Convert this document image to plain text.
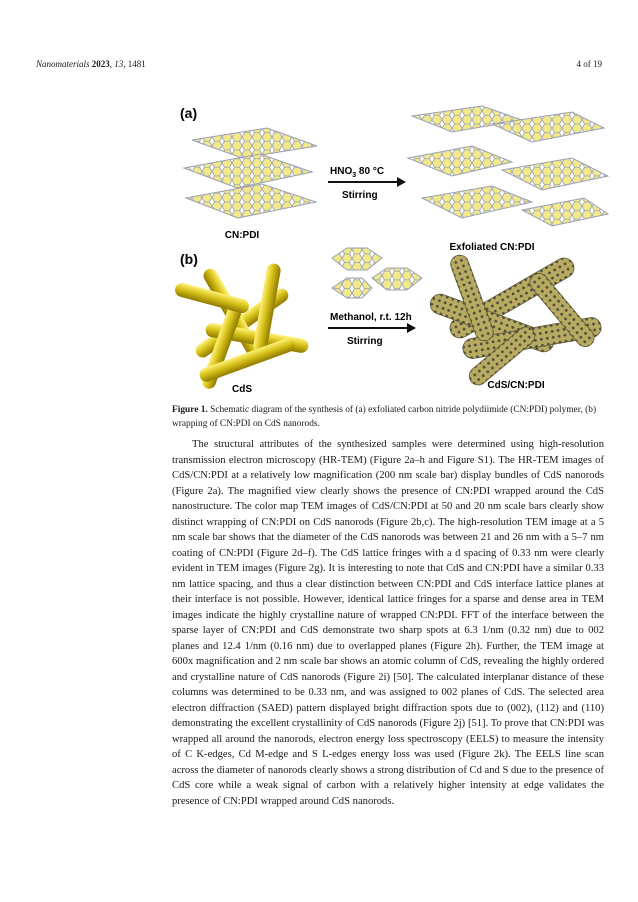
Nanomaterials 2023, 13, 1481	4 of 19
(a)
CN:PDI
$HNO_3$ 80 °C
Stirring
Exfoliated CN:PDI
(b)
CdS
Methanol, r.t. 12h
Stirring
CdS/CN:PDI
Figure 1. Schematic diagram of the synthesis of (a) exfoliated carbon nitride polydiimide (CN:PDI) polymer, (b) wrapping of CN:PDI on CdS nanorods.

The structural attributes of the synthesized samples were determined using high-resolution transmission electron microscopy (HR-TEM) (Figure 2a–h and Figure S1). The HR-TEM images of CdS/CN:PDI at a relatively low magnification (200 nm scale bar) display bundles of CdS nanorods (Figure 2a). The magnified view clearly shows the presence of CN:PDI wrapped around the CdS nanostructure. The color map TEM images of CdS/CN:PDI at 50 and 20 nm scale bars clearly show distinct wrapping of CN:PDI on CdS nanorods (Figure 2b,c). The high-resolution TEM image at a 5 nm scale bar shows that the diameter of the CdS nanorods was between 21 and 26 nm with a 5–7 nm coating of CN:PDI (Figure 2d–f). The CdS lattice fringes with a d spacing of 0.33 nm were clearly evident in TEM images (Figure 2g). It is interesting to note that CdS and CN:PDI have a similar 0.33 nm lattice spacing, and thus a clear distinction between CN:PDI and CdS interface lattice planes at their interface is not possible. However, identical lattice fringes for a sparse and dense area in TEM images indicate the highly crystalline nature of wrapped CN:PDI. FFT of the interface between the sparse layer of CN:PDI and CdS demonstrate two sharp spots at 6.3 1/nm (0.32 nm) due to 002 planes and 12.4 1/nm (0.16 nm) due to overlapped planes (Figure 2h). Further, the TEM image at 600x magnification and 2 nm scale bar shows an atomic column of CdS, revealing the highly ordered and crystalline nature of CdS nanorods (Figure 2i) [50]. The calculated interplanar distance of these columns was determined to be 0.33 nm, and was assigned to 002 planes of CdS. The selected area electron diffraction (SAED) pattern displayed bright diffraction spots due to (002), (112) and (110) demonstrating the excellent crystallinity of CdS nanorods (Figure 2j) [51]. To prove that CN:PDI was wrapped all around the nanorods, electron energy loss spectroscopy (EELS) to measure the intensity of C K-edges, Cd M-edge and S L-edges energy loss was used (Figure 2k). The EELS line scan across the diameter of nanorods clearly shows a strong distribution of Cd and S due to the presence of CdS core while a weak signal of carbon with a relatively higher intensity at edge validates the presence of CN:PDI wrapped around CdS nanorods.
